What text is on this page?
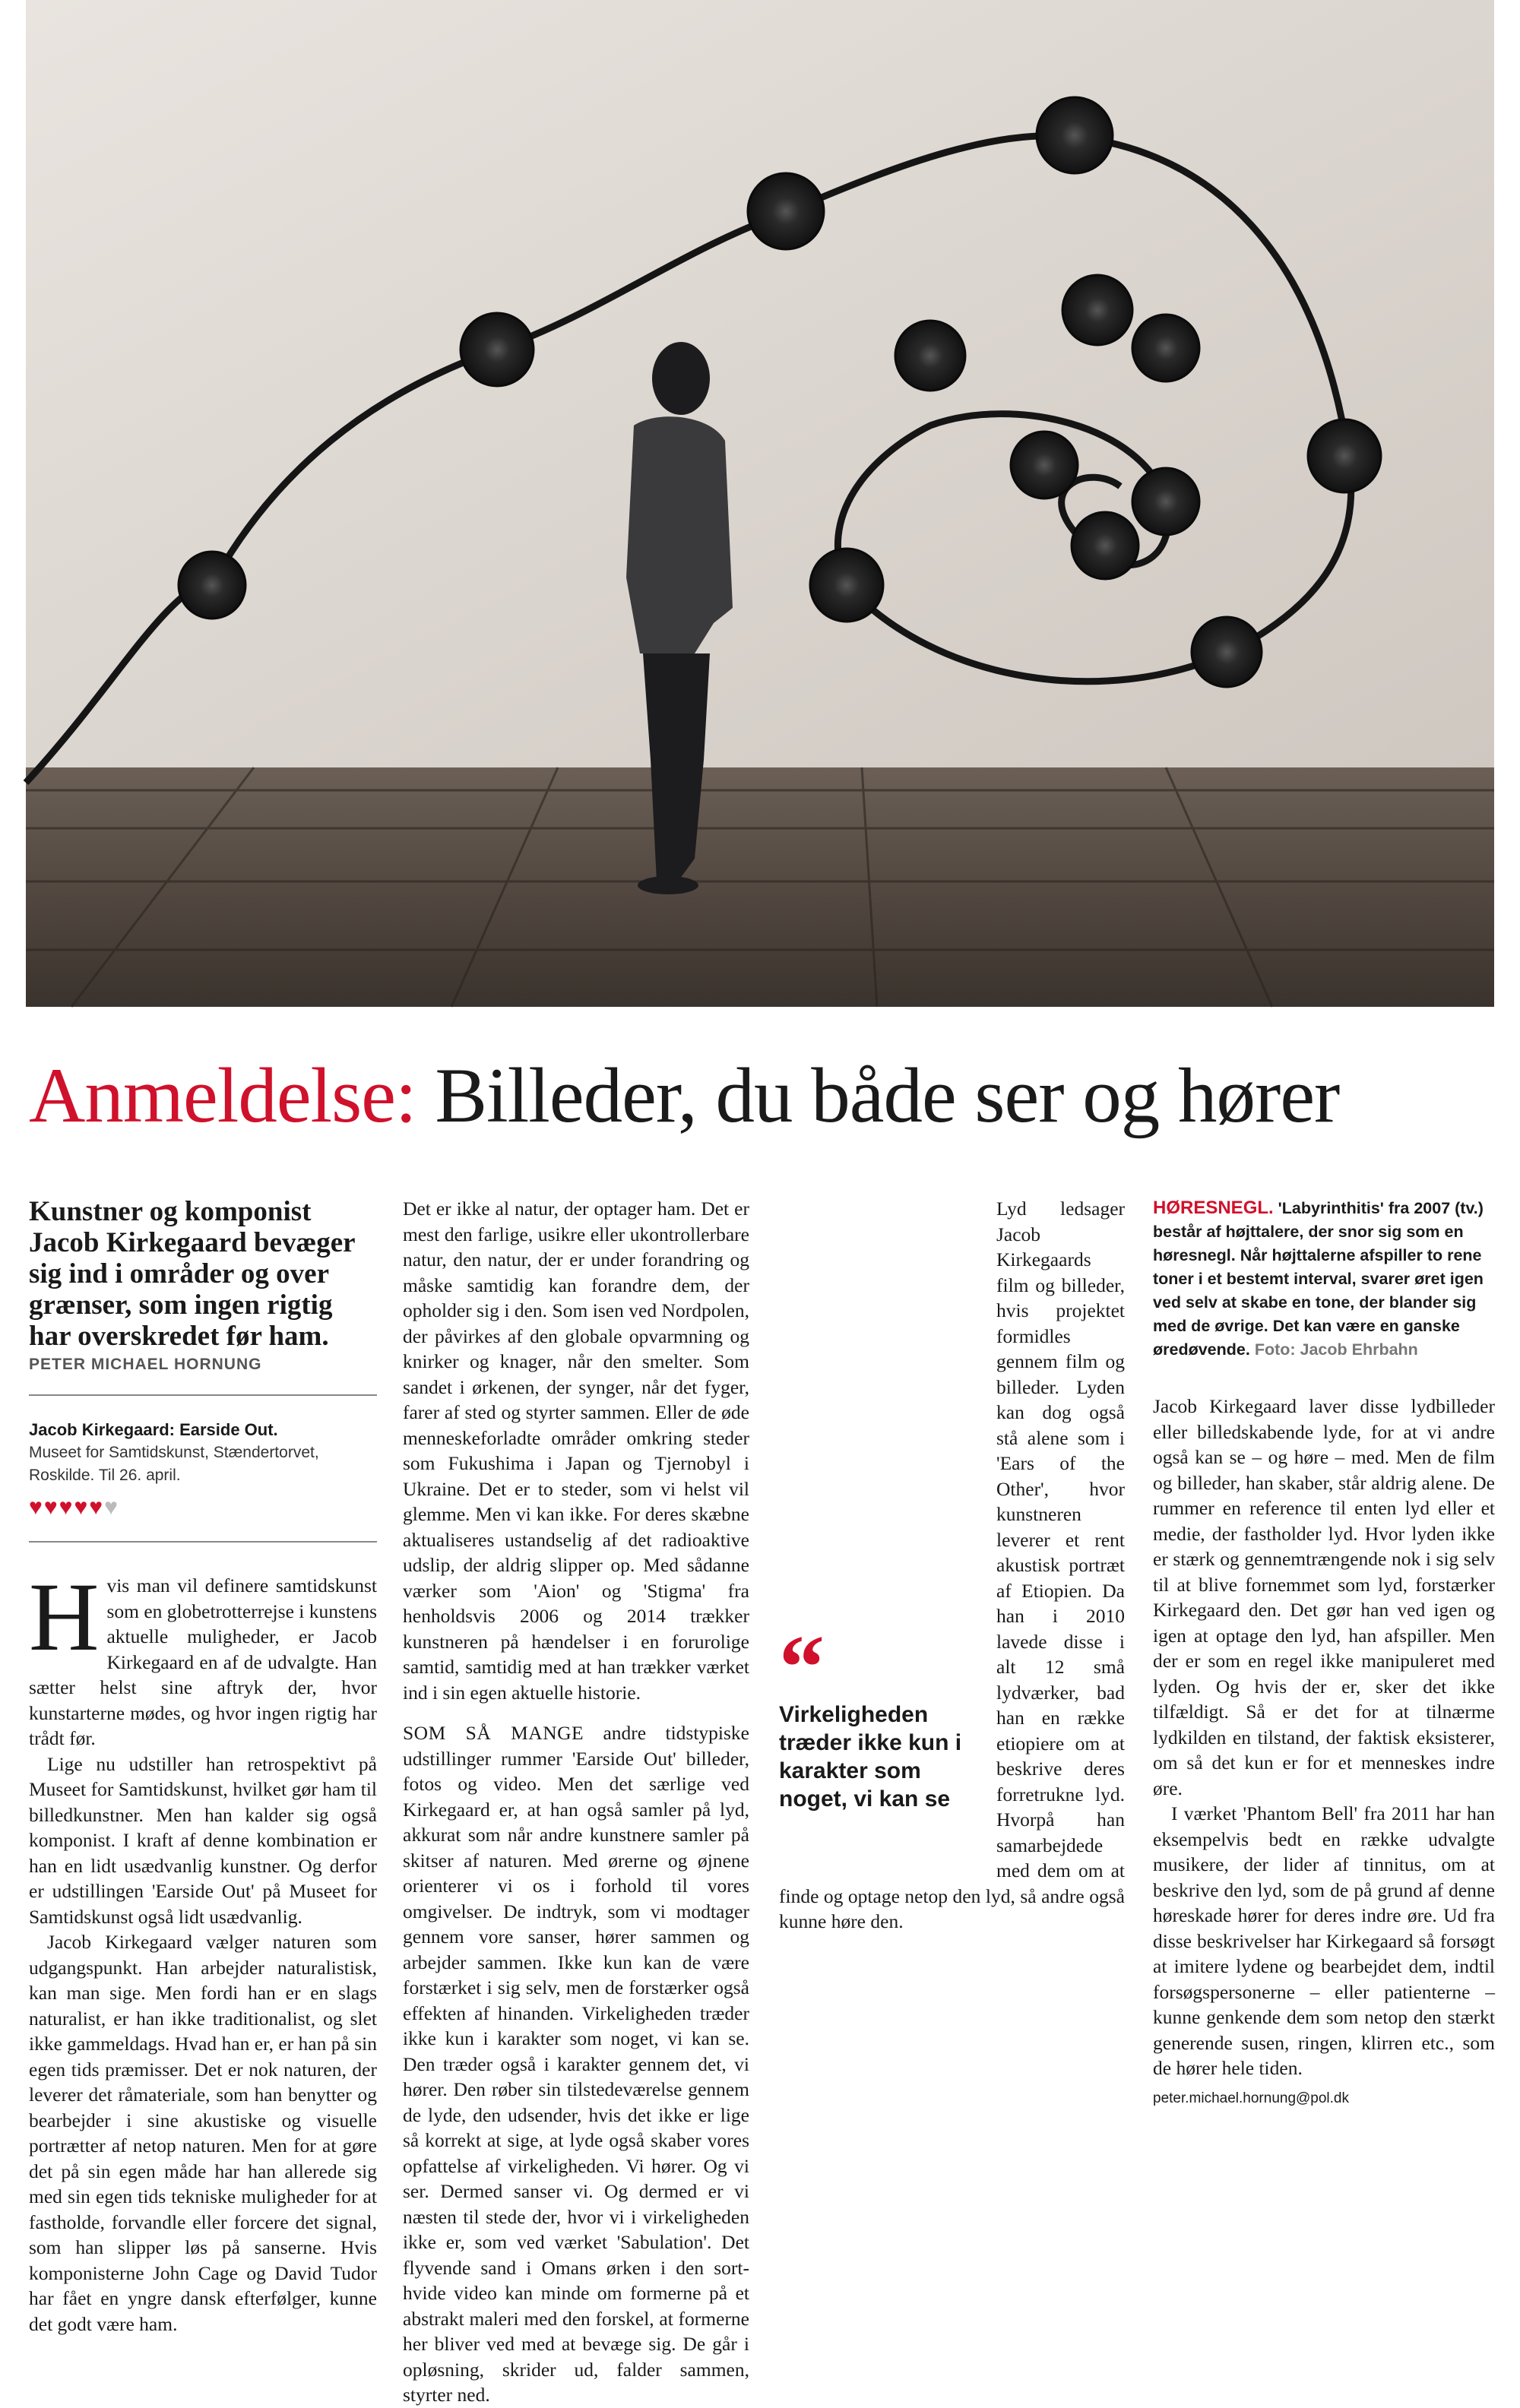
Anmeldelse: Billeder, du både ser og hører

Kunstner og komponist Jacob Kirkegaard bevæger sig ind i områder og over grænser, som ingen rigtig har overskredet før ham.

PETER MICHAEL HORNUNG
Jacob Kirkegaard: Earside Out.
Museet for Samtidskunst, Stændertorvet,
Roskilde. Til 26. april.
♥♥♥♥♥♥

Hvis man vil definere samtidskunst som en globetrotterrejse i kunstens aktuelle muligheder, er Jacob Kirkegaard en af de udvalgte. Han sætter helst sine aftryk der, hvor kunstarterne mødes, og hvor ingen rigtig har trådt før.

Lige nu udstiller han retrospektivt på Museet for Samtidskunst, hvilket gør ham til billedkunstner. Men han kalder sig også komponist. I kraft af denne kombination er han en lidt usædvanlig kunstner. Og derfor er udstillingen 'Earside Out' på Museet for Samtidskunst også lidt usædvanlig.

Jacob Kirkegaard vælger naturen som udgangspunkt. Han arbejder naturalistisk, kan man sige. Men fordi han er en slags naturalist, er han ikke traditionalist, og slet ikke gammeldags. Hvad han er, er han på sin egen tids præmisser. Det er nok naturen, der leverer det råmateriale, som han benytter og bearbejder i sine akustiske og visuelle portrætter af netop naturen. Men for at gøre det på sin egen måde har han allerede sig med sin egen tids tekniske muligheder for at fastholde, forvandle eller forcere det signal, som han slipper løs på sanserne. Hvis komponisterne John Cage og David Tudor har fået en yngre dansk efterfølger, kunne det godt være ham.

Det er ikke al natur, der optager ham. Det er mest den farlige, usikre eller ukontrollerbare natur, den natur, der er under forandring og måske samtidig kan forandre dem, der opholder sig i den. Som isen ved Nordpolen, der påvirkes af den globale opvarmning og knirker og knager, når den smelter. Som sandet i ørkenen, der synger, når det fyger, farer af sted og styrter sammen. Eller de øde menneskeforladte områder omkring steder som Fukushima i Japan og Tjernobyl i Ukraine. Det er to steder, som vi helst vil glemme. Men vi kan ikke. For deres skæbne aktualiseres ustandselig af det radioaktive udslip, der aldrig slipper op. Med sådanne værker som 'Aion' og 'Stigma' fra henholdsvis 2006 og 2014 trækker kunstneren på hændelser i en forurolige samtid, samtidig med at han trækker værket ind i sin egen aktuelle historie.

SOM SÅ MANGE andre tidstypiske udstillinger rummer 'Earside Out' billeder, fotos og video. Men det særlige ved Kirkegaard er, at han også samler på lyd, akkurat som når andre kunstnere samler på skitser af naturen. Med ørerne og øjnene orienterer vi os i forhold til vores omgivelser. De indtryk, som vi modtager gennem vore sanser, hører sammen og arbejder sammen. Ikke kun kan de være forstærket i sig selv, men de forstærker også effekten af hinanden. Virkeligheden træder ikke kun i karakter som noget, vi kan se. Den træder også i karakter gennem det, vi hører. Den røber sin tilstedeværelse gennem de lyde, den udsender, hvis det ikke er lige så korrekt at sige, at lyde også skaber vores opfattelse af virkeligheden. Vi hører. Og vi ser. Dermed sanser vi. Og dermed er vi næsten til stede der, hvor vi i virkeligheden ikke er, som ved værket 'Sabulation'. Det flyvende sand i Omans ørken i den sort-hvide video kan minde om formerne på et abstrakt maleri med den forskel, at formerne her bliver ved med at bevæge sig. De går i opløsning, skrider ud, falder sammen, styrter ned.

Lyd ledsager Jacob Kirkegaards film og billeder, hvis projektet formidles gennem film og billeder. Lyden kan dog også stå alene som i 'Ears of the Other', hvor kunstneren leverer et rent akustisk portræt af Etiopien. Da han i 2010 lavede disse i alt 12 små lydværker, bad han en række etiopiere om at beskrive deres forretrukne lyd. Hvorpå han samarbejdede med dem om at finde og optage netop den lyd, så andre også kunne høre den.

“
Virkeligheden træder ikke kun i karakter som noget, vi kan se
HØRESNEGL. 'Labyrinthitis' fra 2007 (tv.) består af højttalere, der snor sig som en høresnegl. Når højttalerne afspiller to rene toner i et bestemt interval, svarer øret igen ved selv at skabe en tone, der blander sig med de øvrige. Det kan være en ganske øredøvende. Foto: Jacob Ehrbahn

Jacob Kirkegaard laver disse lydbilleder eller billedskabende lyde, for at vi andre også kan se – og høre – med. Men de film og billeder, han skaber, står aldrig alene. De rummer en reference til enten lyd eller et medie, der fastholder lyd. Hvor lyden ikke er stærk og gennemtrængende nok i sig selv til at blive fornemmet som lyd, forstærker Kirkegaard den. Det gør han ved igen og igen at optage den lyd, han afspiller. Men der er som en regel ikke manipuleret med lyden. Og hvis der er, sker det ikke tilfældigt. Så er det for at tilnærme lydkilden en tilstand, der faktisk eksisterer, om så det kun er for et menneskes indre øre.

I værket 'Phantom Bell' fra 2011 har han eksempelvis bedt en række udvalgte musikere, der lider af tinnitus, om at beskrive den lyd, som de på grund af denne høreskade hører for deres indre øre. Ud fra disse beskrivelser har Kirkegaard så forsøgt at imitere lydene og bearbejdet dem, indtil forsøgspersonerne – eller patienterne – kunne genkende dem som netop den stærkt generende susen, ringen, klirren etc., som de hører hele tiden.

peter.michael.hornung@pol.dk
